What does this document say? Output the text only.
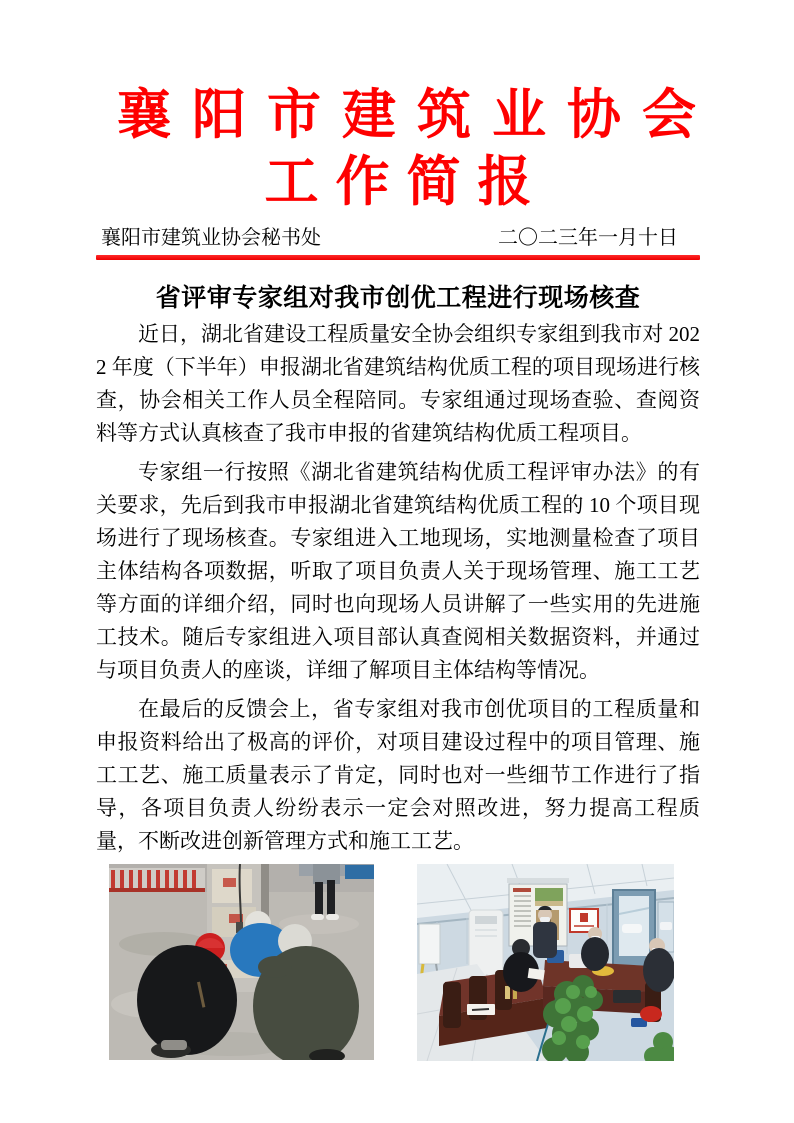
襄阳市建筑业协会
工作简报
襄阳市建筑业协会秘书处	二〇二三年一月十日
省评审专家组对我市创优工程进行现场核查

近日，湖北省建设工程质量安全协会组织专家组到我市对 2022 年度（下半年）申报湖北省建筑结构优质工程的项目现场进行核查，协会相关工作人员全程陪同。专家组通过现场查验、查阅资料等方式认真核查了我市申报的省建筑结构优质工程项目。

专家组一行按照《湖北省建筑结构优质工程评审办法》的有关要求，先后到我市申报湖北省建筑结构优质工程的 10 个项目现场进行了现场核查。专家组进入工地现场，实地测量检查了项目主体结构各项数据，听取了项目负责人关于现场管理、施工工艺等方面的详细介绍，同时也向现场人员讲解了一些实用的先进施工技术。随后专家组进入项目部认真查阅相关数据资料，并通过与项目负责人的座谈，详细了解项目主体结构等情况。

在最后的反馈会上，省专家组对我市创优项目的工程质量和申报资料给出了极高的评价，对项目建设过程中的项目管理、施工工艺、施工质量表示了肯定，同时也对一些细节工作进行了指导，各项目负责人纷纷表示一定会对照改进，努力提高工程质量，不断改进创新管理方式和施工工艺。
